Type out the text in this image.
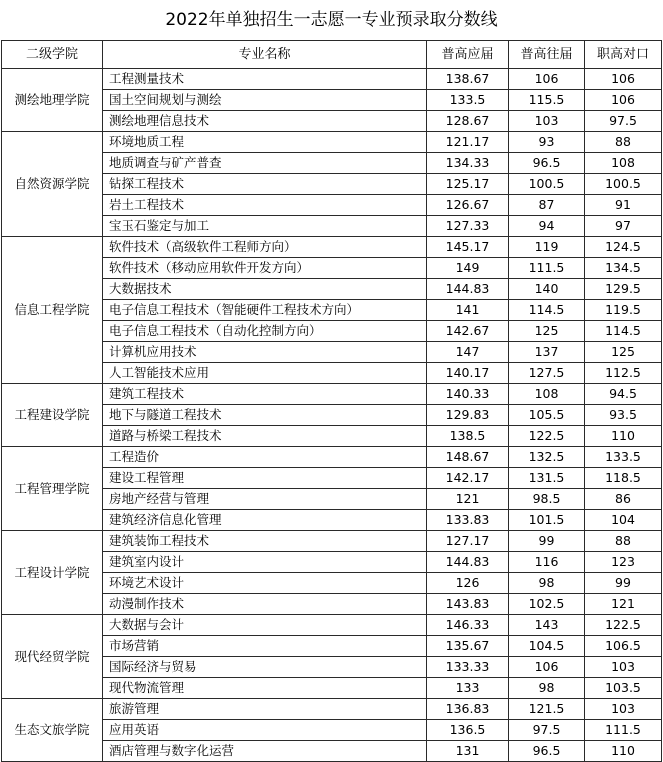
2022年单独招生一志愿一专业预录取分数线
二级学院	专业名称	普高应届	普高往届	职高对口
测绘地理学院	工程测量技术	138.67	106	106
	国土空间规划与测绘	133.5	115.5	106
	测绘地理信息技术	128.67	103	97.5
自然资源学院	环境地质工程	121.17	93	88
	地质调查与矿产普查	134.33	96.5	108
	钻探工程技术	125.17	100.5	100.5
	岩土工程技术	126.67	87	91
	宝玉石鉴定与加工	127.33	94	97
信息工程学院	软件技术（高级软件工程师方向）	145.17	119	124.5
	软件技术（移动应用软件开发方向）	149	111.5	134.5
	大数据技术	144.83	140	129.5
	电子信息工程技术（智能硬件工程技术方向）	141	114.5	119.5
	电子信息工程技术（自动化控制方向）	142.67	125	114.5
	计算机应用技术	147	137	125
	人工智能技术应用	140.17	127.5	112.5
工程建设学院	建筑工程技术	140.33	108	94.5
	地下与隧道工程技术	129.83	105.5	93.5
	道路与桥梁工程技术	138.5	122.5	110
工程管理学院	工程造价	148.67	132.5	133.5
	建设工程管理	142.17	131.5	118.5
	房地产经营与管理	121	98.5	86
	建筑经济信息化管理	133.83	101.5	104
工程设计学院	建筑装饰工程技术	127.17	99	88
	建筑室内设计	144.83	116	123
	环境艺术设计	126	98	99
	动漫制作技术	143.83	102.5	121
现代经贸学院	大数据与会计	146.33	143	122.5
	市场营销	135.67	104.5	106.5
	国际经济与贸易	133.33	106	103
	现代物流管理	133	98	103.5
生态文旅学院	旅游管理	136.83	121.5	103
	应用英语	136.5	97.5	111.5
	酒店管理与数字化运营	131	96.5	110
